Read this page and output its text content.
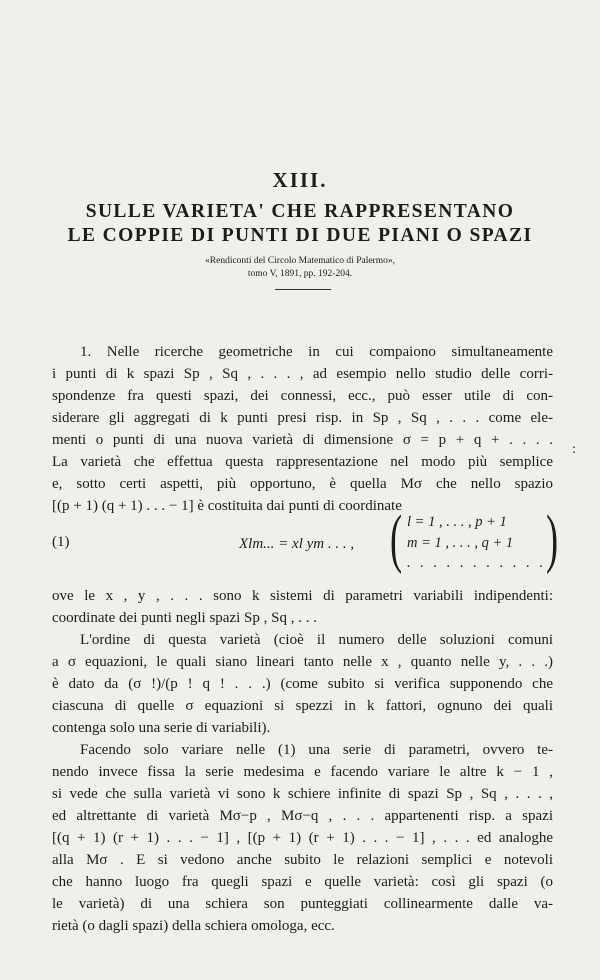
XIII.
SULLE VARIETA' CHE RAPPRESENTANO
LE COPPIE DI PUNTI DI DUE PIANI O SPAZI
«Rendiconti del Circolo Matematico di Palermo»,
tomo V, 1891, pp. 192-204.
1. Nelle ricerche geometriche in cui compaiono simultaneamente
i punti di k spazi Sp , Sq , . . . , ad esempio nello studio delle corri-
spondenze fra questi spazi, dei connessi, ecc., può esser utile di con-
siderare gli aggregati di k punti presi risp. in Sp , Sq , . . . come ele-
menti o punti di una nuova varietà di dimensione σ = p + q + . . . .
La varietà che effettua questa rappresentazione nel modo più semplice
e, sotto certi aspetti, più opportuno, è quella Mσ che nello spazio
[(p + 1) (q + 1) . . . − 1] è costituita dai punti di coordinate
(1)	Xlm... = xl ym . . . , ( l = 1 , . . . , p + 1
m = 1 , . . . , q + 1
. . . . . . . . . . . )
ove le x , y , . . . sono k sistemi di parametri variabili indipendenti:
coordinate dei punti negli spazi Sp , Sq , . . .
L'ordine di questa varietà (cioè il numero delle soluzioni comuni
a σ equazioni, le quali siano lineari tanto nelle x , quanto nelle y, . . .)
è dato da (σ !)/(p ! q ! . . .) (come subito si verifica supponendo che
ciascuna di quelle σ equazioni si spezzi in k fattori, ognuno dei quali
contenga solo una serie di variabili).
Facendo solo variare nelle (1) una serie di parametri, ovvero te-
nendo invece fissa la serie medesima e facendo variare le altre k − 1 ,
si vede che sulla varietà vi sono k schiere infinite di spazi Sp , Sq , . . . ,
ed altrettante di varietà Mσ−p , Mσ−q , . . . appartenenti risp. a spazi
[(q + 1) (r + 1) . . . − 1] , [(p + 1) (r + 1) . . . − 1] , . . . ed analoghe
alla Mσ . E si vedono anche subito le relazioni semplici e notevoli
che hanno luogo fra quegli spazi e quelle varietà: così gli spazi (o
le varietà) di una schiera son punteggiati collinearmente dalle va-
rietà (o dagli spazi) della schiera omologa, ecc.
:
